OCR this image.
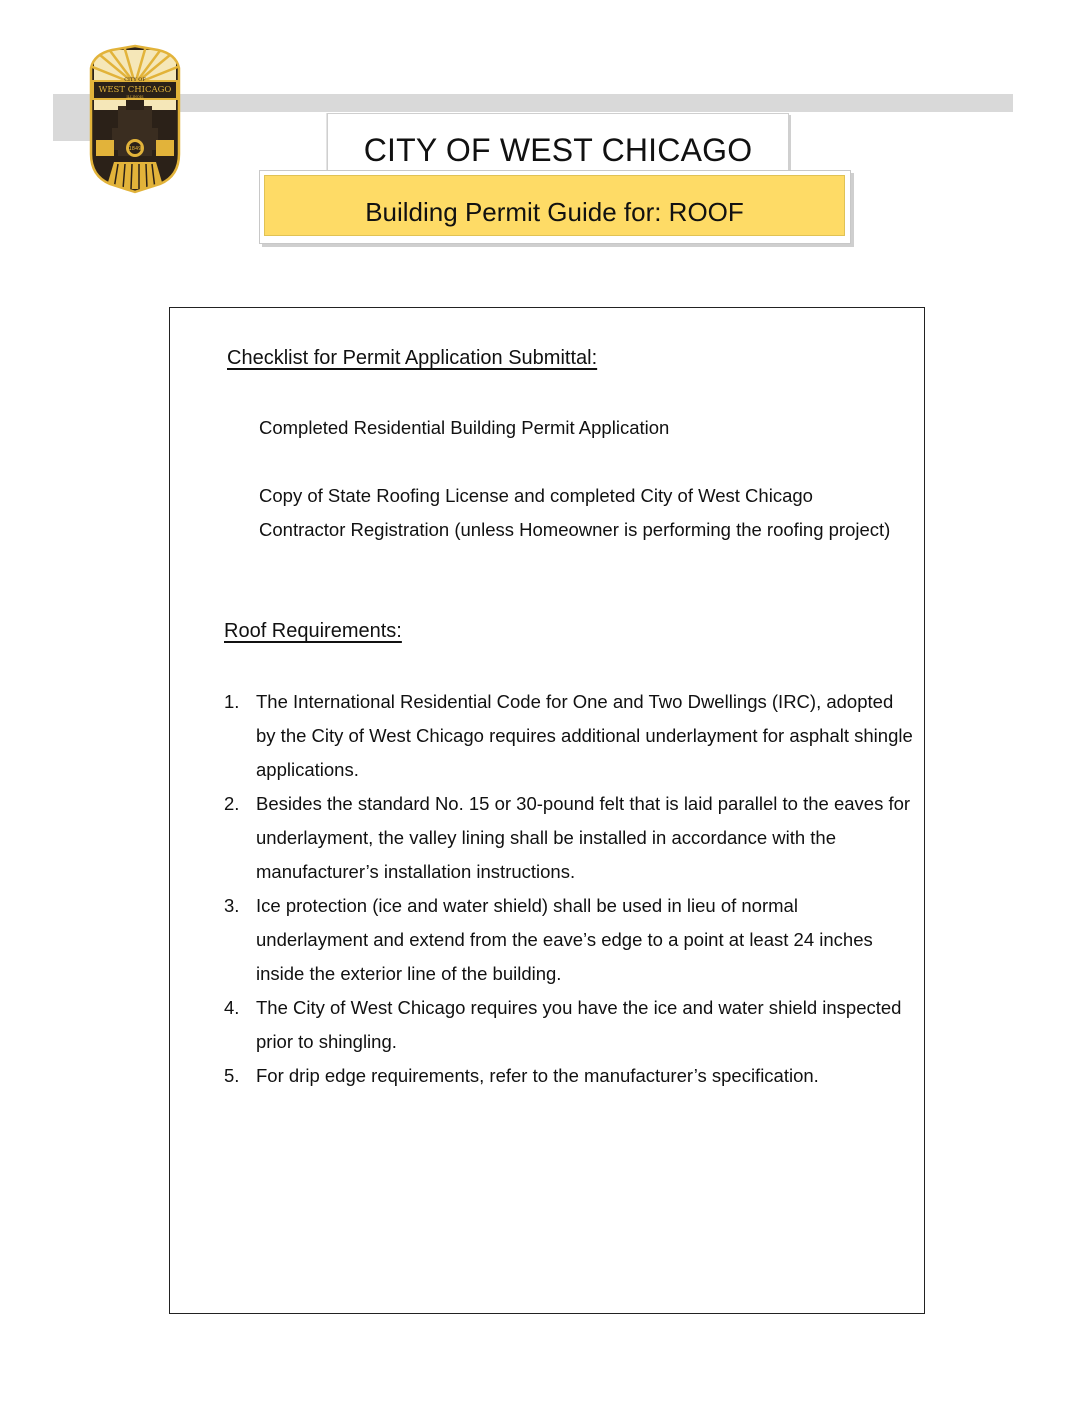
CITY OF
WEST CHICAGO
ILLINOIS
1849	CITY OF WEST CHICAGO
Building Permit Guide for: ROOF
Checklist for Permit Application Submittal:
Completed Residential Building Permit Application
Copy of State Roofing License and completed City of West Chicago Contractor Registration (unless Homeowner is performing the roofing project)
Roof Requirements:
1. The International Residential Code for One and Two Dwellings (IRC), adopted by the City of West Chicago requires additional underlayment for asphalt shingle applications.
2. Besides the standard No. 15 or 30-pound felt that is laid parallel to the eaves for underlayment, the valley lining shall be installed in accordance with the manufacturer’s installation instructions.
3. Ice protection (ice and water shield) shall be used in lieu of normal underlayment and extend from the eave’s edge to a point at least 24 inches inside the exterior line of the building.
4. The City of West Chicago requires you have the ice and water shield inspected prior to shingling.
5. For drip edge requirements, refer to the manufacturer’s specification.
